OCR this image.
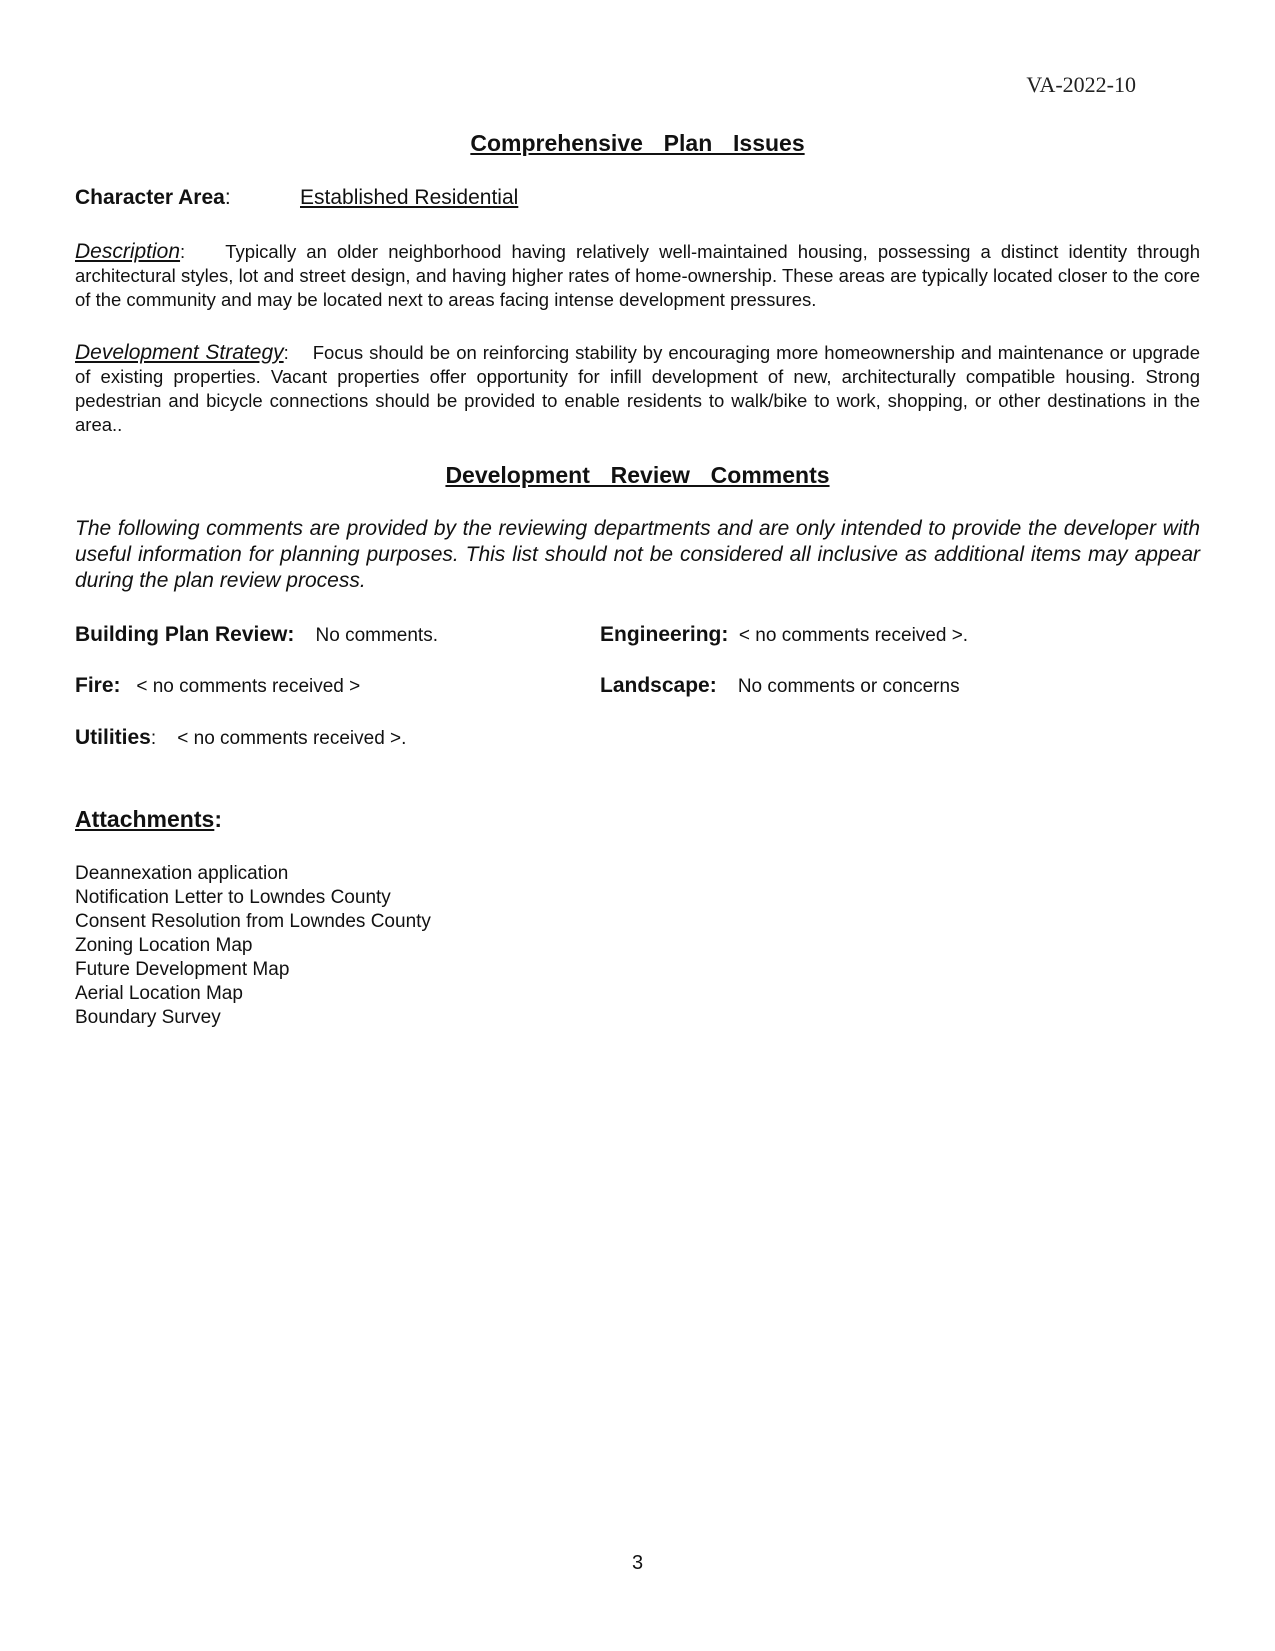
VA-2022-10
Comprehensive  Plan  Issues
Character Area:	Established Residential
Description:    Typically an older neighborhood having relatively well-maintained housing, possessing a distinct identity through architectural styles, lot and street design, and having higher rates of home-ownership. These areas are typically located closer to the core of the community and may be located next to areas facing intense development pressures.
Development Strategy:    Focus should be on reinforcing stability by encouraging more homeownership and maintenance or upgrade of existing properties. Vacant properties offer opportunity for infill development of new, architecturally compatible housing. Strong pedestrian and bicycle connections should be provided to enable residents to walk/bike to work, shopping, or other destinations in the area..
Development  Review  Comments
The following comments are provided by the reviewing departments and are only intended to provide the developer with useful information for planning purposes. This list should not be considered all inclusive as additional items may appear during the plan review process.
Building Plan Review: No comments.	Engineering: < no comments received >.
Fire: < no comments received >	Landscape: No comments or concerns
Utilities: < no comments received >.
Attachments:
Deannexation application
Notification Letter to Lowndes County
Consent Resolution from Lowndes County
Zoning Location Map
Future Development Map
Aerial Location Map
Boundary Survey
3
